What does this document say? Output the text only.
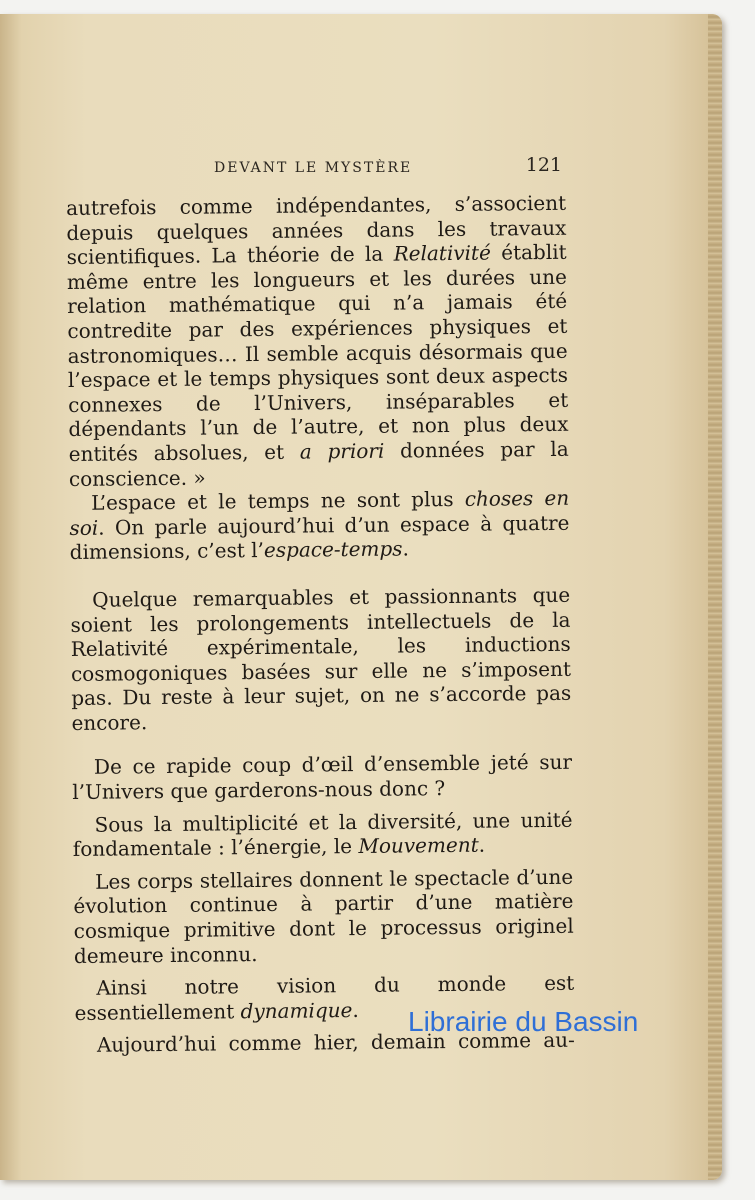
DEVANT LE MYSTÈRE	121

autrefois comme indépendantes, s’associent depuis quelques années dans les travaux scientifiques. La théorie de la Relativité établit même entre les longueurs et les durées une relation mathématique qui n’a jamais été contredite par des expériences physiques et astronomiques… Il semble acquis désormais que l’espace et le temps physiques sont deux aspects connexes de l’Univers, inséparables et dépendants l’un de l’autre, et non plus deux entités absolues, et a priori données par la conscience. »

L’espace et le temps ne sont plus choses en soi. On parle aujourd’hui d’un espace à quatre dimensions, c’est l’espace-temps.

Quelque remarquables et passionnants que soient les prolongements intellectuels de la Relativité expérimentale, les inductions cosmogoniques basées sur elle ne s’imposent pas. Du reste à leur sujet, on ne s’accorde pas encore.

De ce rapide coup d’œil d’ensemble jeté sur l’Univers que garderons-nous donc ?

Sous la multiplicité et la diversité, une unité fondamentale : l’énergie, le Mouvement.

Les corps stellaires donnent le spectacle d’une évolution continue à partir d’une matière cosmique primitive dont le processus originel demeure inconnu.

Ainsi notre vision du monde est essentiellement dynamique.

Aujourd’hui comme hier, demain comme au-

Librairie du Bassin
